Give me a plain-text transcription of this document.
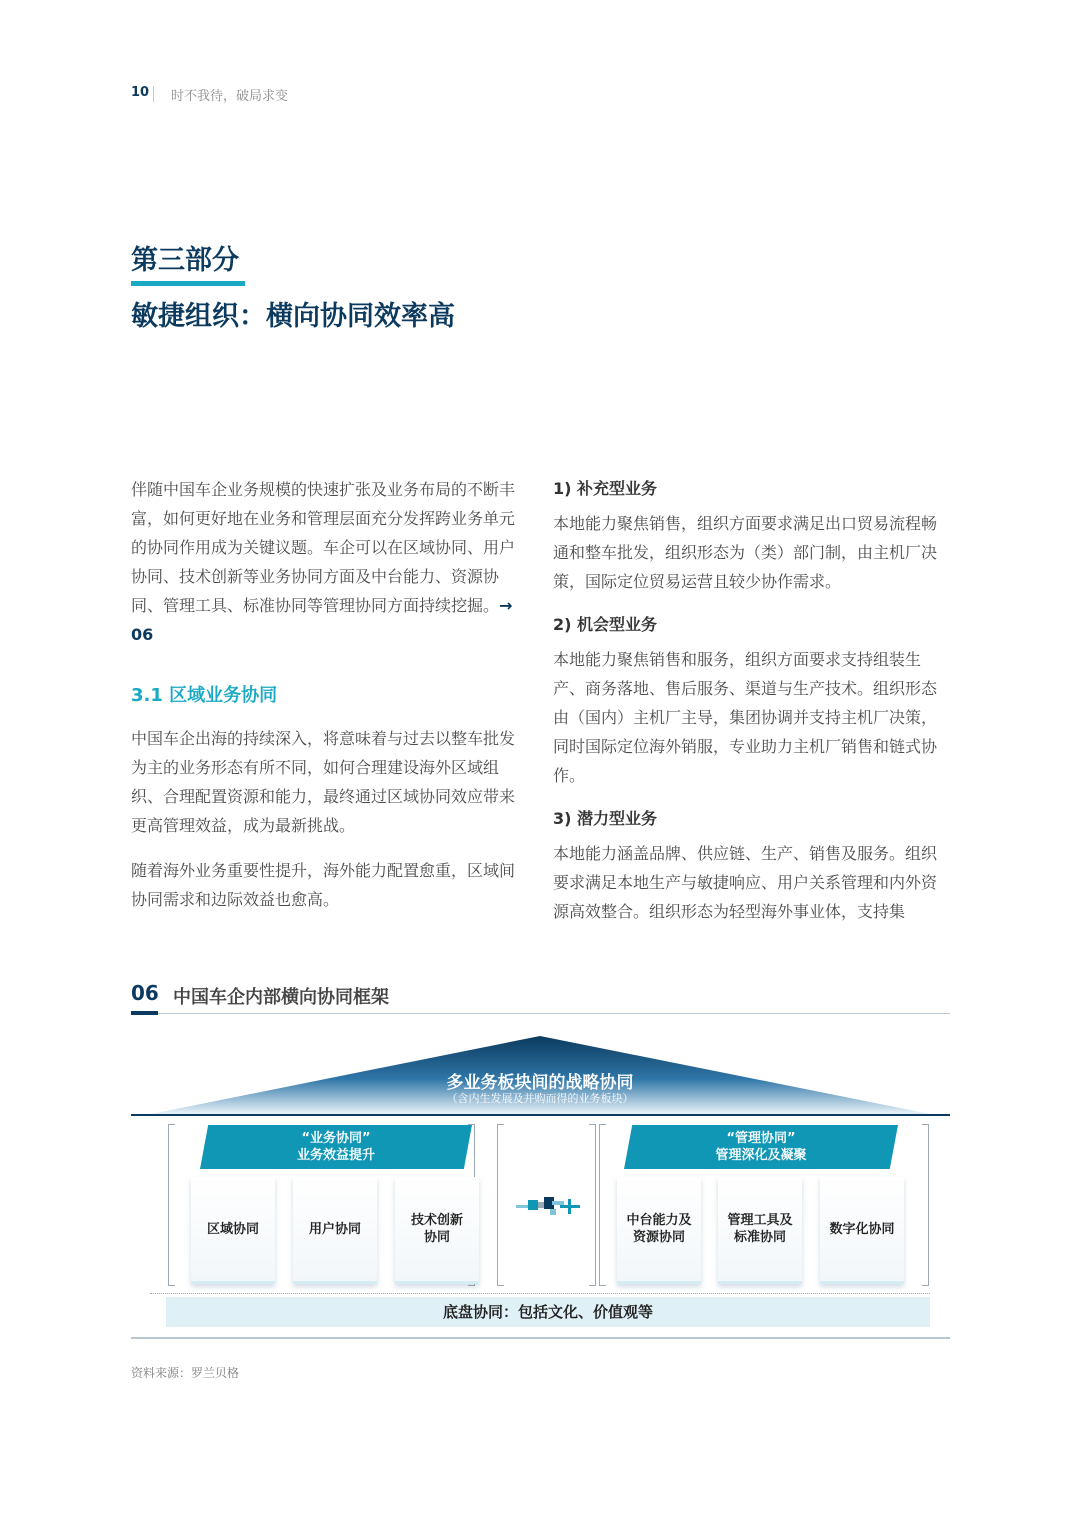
10 时不我待，破局求变
第三部分
敏捷组织：横向协同效率高

伴随中国车企业务规模的快速扩张及业务布局的不断丰富，如何更好地在业务和管理层面充分发挥跨业务单元的协同作用成为关键议题。车企可以在区域协同、用户协同、技术创新等业务协同方面及中台能力、资源协同、管理工具、标准协同等管理协同方面持续挖掘。→ 06

3.1 区域业务协同

中国车企出海的持续深入，将意味着与过去以整车批发为主的业务形态有所不同，如何合理建设海外区域组织、合理配置资源和能力，最终通过区域协同效应带来更高管理效益，成为最新挑战。

随着海外业务重要性提升，海外能力配置愈重，区域间协同需求和边际效益也愈高。

1) 补充型业务

本地能力聚焦销售，组织方面要求满足出口贸易流程畅通和整车批发，组织形态为（类）部门制，由主机厂决策，国际定位贸易运营且较少协作需求。

2) 机会型业务

本地能力聚焦销售和服务，组织方面要求支持组装生产、商务落地、售后服务、渠道与生产技术。组织形态由（国内）主机厂主导，集团协调并支持主机厂决策，同时国际定位海外销服，专业助力主机厂销售和链式协作。

3) 潜力型业务

本地能力涵盖品牌、供应链、生产、销售及服务。组织要求满足本地生产与敏捷响应、用户关系管理和内外资源高效整合。组织形态为轻型海外事业体，支持集

06 中国车企内部横向协同框架
多业务板块间的战略协同
（含内生发展及并购而得的业务板块）
“业务协同”
业务效益提升
“管理协同”
管理深化及凝聚
区域协同	用户协同

技术创新
协同
中台能力及
资源协同
管理工具及
标准协同
数字化协同

底盘协同：包括文化、价值观等
资料来源：罗兰贝格
